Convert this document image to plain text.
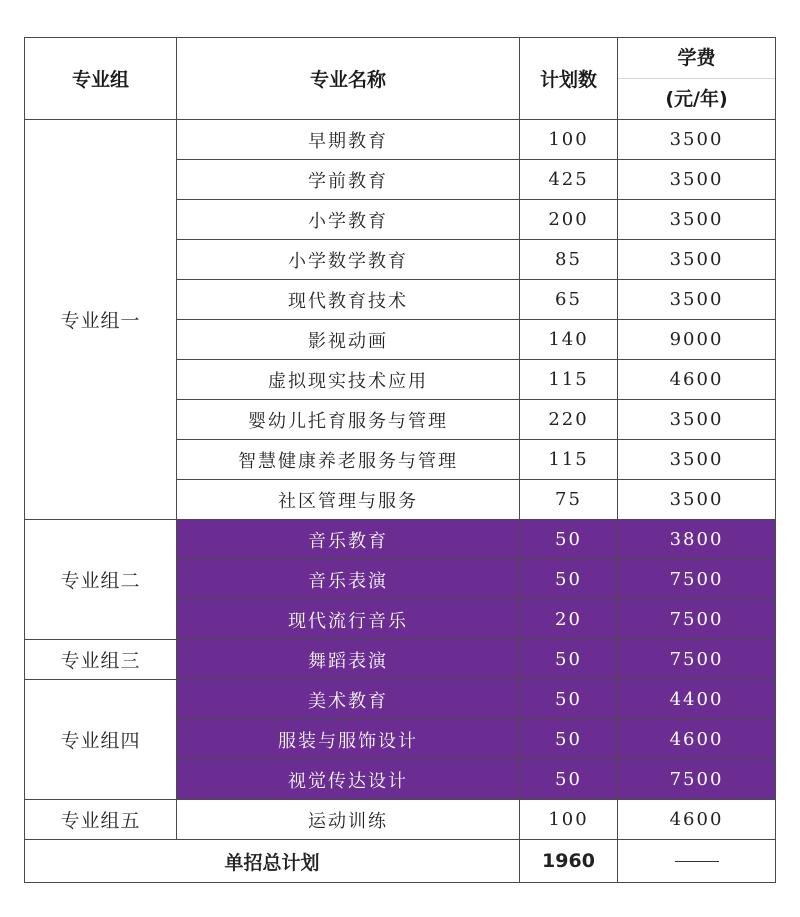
专业组	专业名称	计划数	学费
(元/年)

专业组一	早期教育	100	3500
	学前教育	425	3500
	小学教育	200	3500
	小学数学教育	85	3500
	现代教育技术	65	3500
	影视动画	140	9000
	虚拟现实技术应用	115	4600
	婴幼儿托育服务与管理	220	3500
	智慧健康养老服务与管理	115	3500
	社区管理与服务	75	3500
专业组二	音乐教育	50	3800
	音乐表演	50	7500
	现代流行音乐	20	7500
专业组三	舞蹈表演	50	7500
专业组四	美术教育	50	4400
	服装与服饰设计	50	4600
	视觉传达设计	50	7500
专业组五	运动训练	100	4600
单招总计划		1960	
